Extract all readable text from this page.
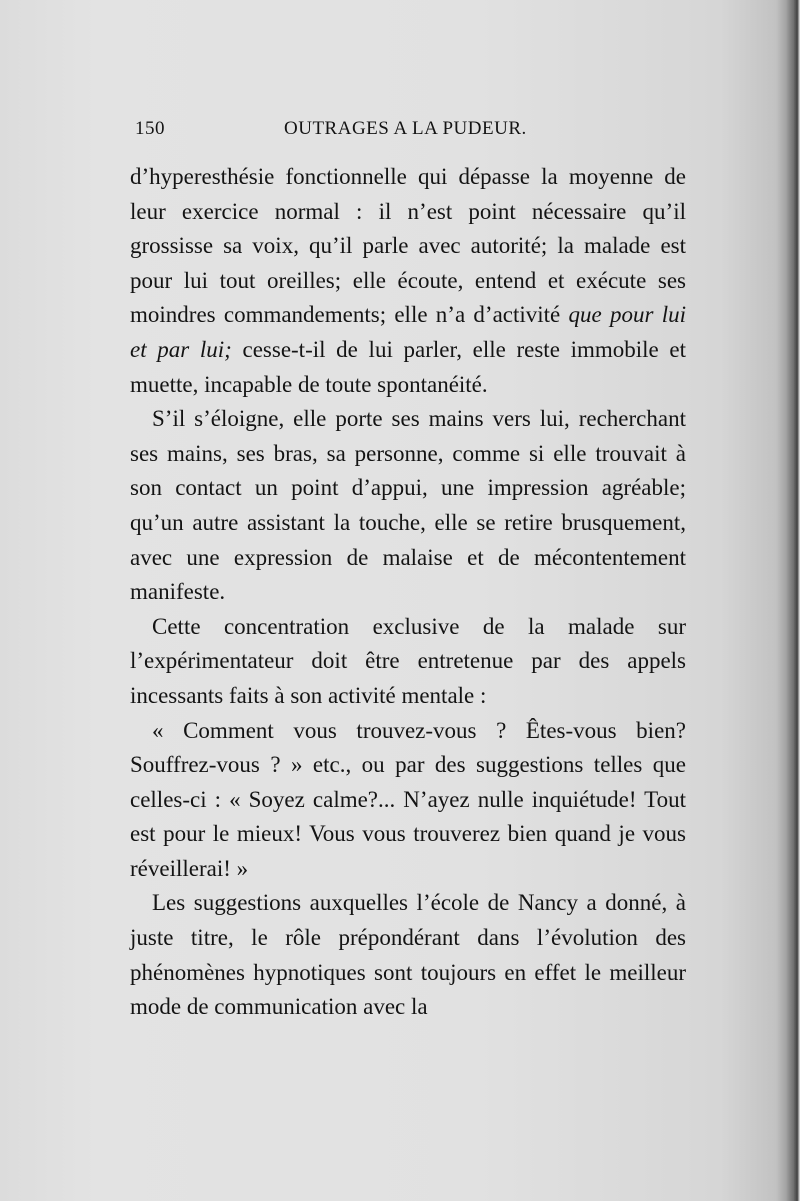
150	OUTRAGES A LA PUDEUR.

d’hyperesthésie fonctionnelle qui dépasse la moyenne de leur exercice normal : il n’est point nécessaire qu’il grossisse sa voix, qu’il parle avec autorité; la malade est pour lui tout oreilles; elle écoute, entend et exécute ses moindres commandements; elle n’a d’activité que pour lui et par lui; cesse-t-il de lui parler, elle reste immobile et muette, incapable de toute spontanéité.

S’il s’éloigne, elle porte ses mains vers lui, recherchant ses mains, ses bras, sa personne, comme si elle trouvait à son contact un point d’appui, une impression agréable; qu’un autre assistant la touche, elle se retire brusquement, avec une expression de malaise et de mécontentement manifeste.

Cette concentration exclusive de la malade sur l’expérimentateur doit être entretenue par des appels incessants faits à son activité mentale :

« Comment vous trouvez-vous ? Êtes-vous bien? Souffrez-vous ? » etc., ou par des suggestions telles que celles-ci : « Soyez calme?... N’ayez nulle inquiétude! Tout est pour le mieux! Vous vous trouverez bien quand je vous réveillerai! »

Les suggestions auxquelles l’école de Nancy a donné, à juste titre, le rôle prépondérant dans l’évolution des phénomènes hypnotiques sont toujours en effet le meilleur mode de communication avec la
